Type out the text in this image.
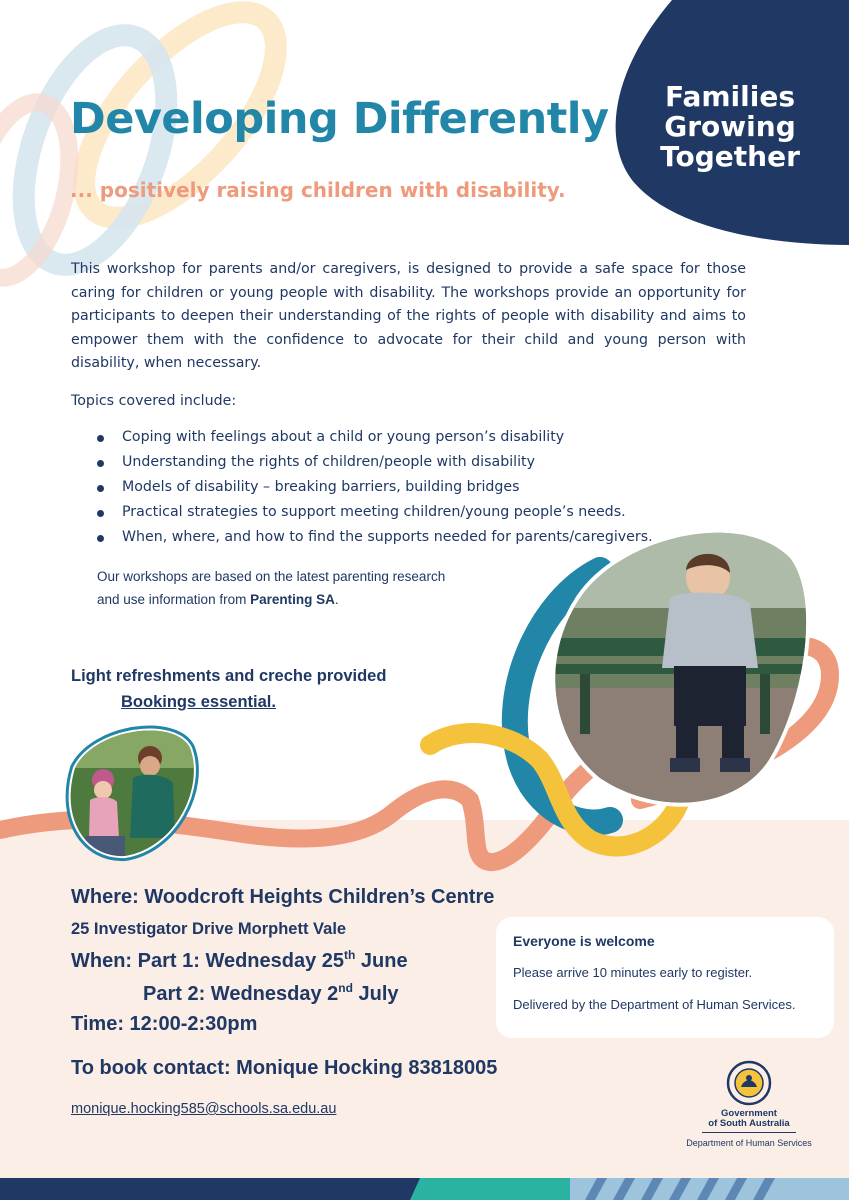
Families
Growing
Together
Developing Differently
... positively raising children with disability.

This workshop for parents and/or caregivers, is designed to provide a safe space for those caring for children or young people with disability. The workshops provide an opportunity for participants to deepen their understanding of the rights of people with disability and aims to empower them with the confidence to advocate for their child and young person with disability, when necessary.

Topics covered include:
Coping with feelings about a child or young person’s disability
Understanding the rights of children/people with disability
Models of disability – breaking barriers, building bridges
Practical strategies to support meeting children/young people’s needs.
When, where, and how to find the supports needed for parents/caregivers.

Our workshops are based on the latest parenting research and use information from Parenting SA.

Light refreshments and creche provided
Bookings essential.
Where: Woodcroft Heights Children’s Centre
25 Investigator Drive Morphett Vale
When: Part 1: Wednesday 25th June
Part 2: Wednesday 2nd July
Time: 12:00-2:30pm
To book contact: Monique Hocking 83818005
monique.hocking585@schools.sa.edu.au
Everyone is welcome
Please arrive 10 minutes early to register.
Delivered by the Department of Human Services.
Government
of South Australia
Department of Human Services
